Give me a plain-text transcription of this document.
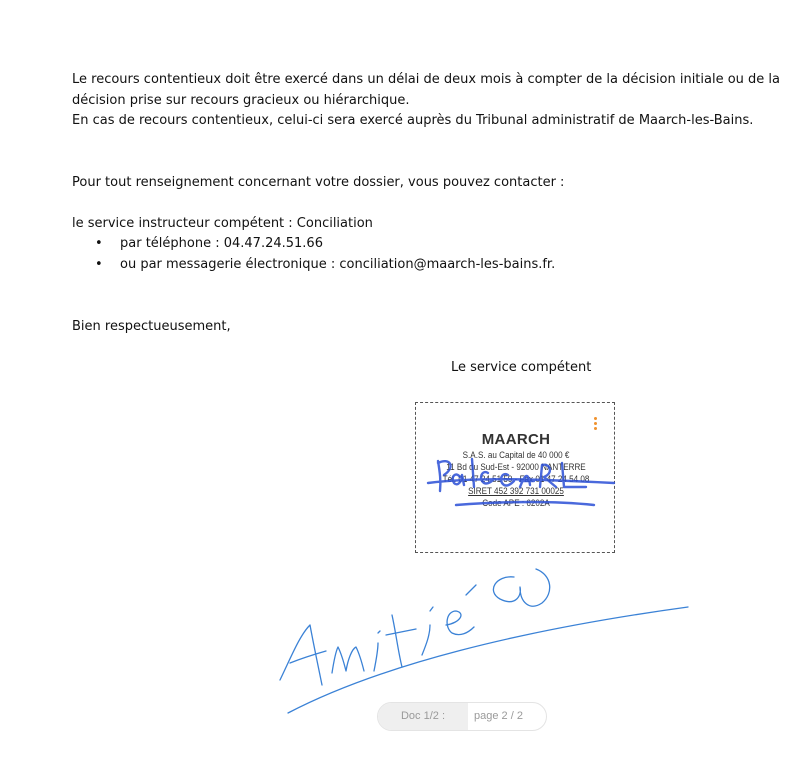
Le recours contentieux doit être exercé dans un délai de deux mois à compter de la décision initiale ou de la
décision prise sur recours gracieux ou hiérarchique.
En cas de recours contentieux, celui-ci sera exercé auprès du Tribunal administratif de Maarch-les-Bains.
Pour tout renseignement concernant votre dossier, vous pouvez contacter :
le service instructeur compétent : Conciliation
• par téléphone : 04.47.24.51.66
• ou par messagerie électronique : conciliation@maarch-les-bains.fr.
Bien respectueusement,
Le service compétent
MAARCH
S.A.S. au Capital de 40 000 €
11 Bd du Sud-Est - 92000 NANTERRE
Tél. 01 47 24 51 59 - Fax 01 47 24 54 08
SIRET 452 392 731 00025
Code APE : 6202A
Doc 1/2 :	page 2 / 2
